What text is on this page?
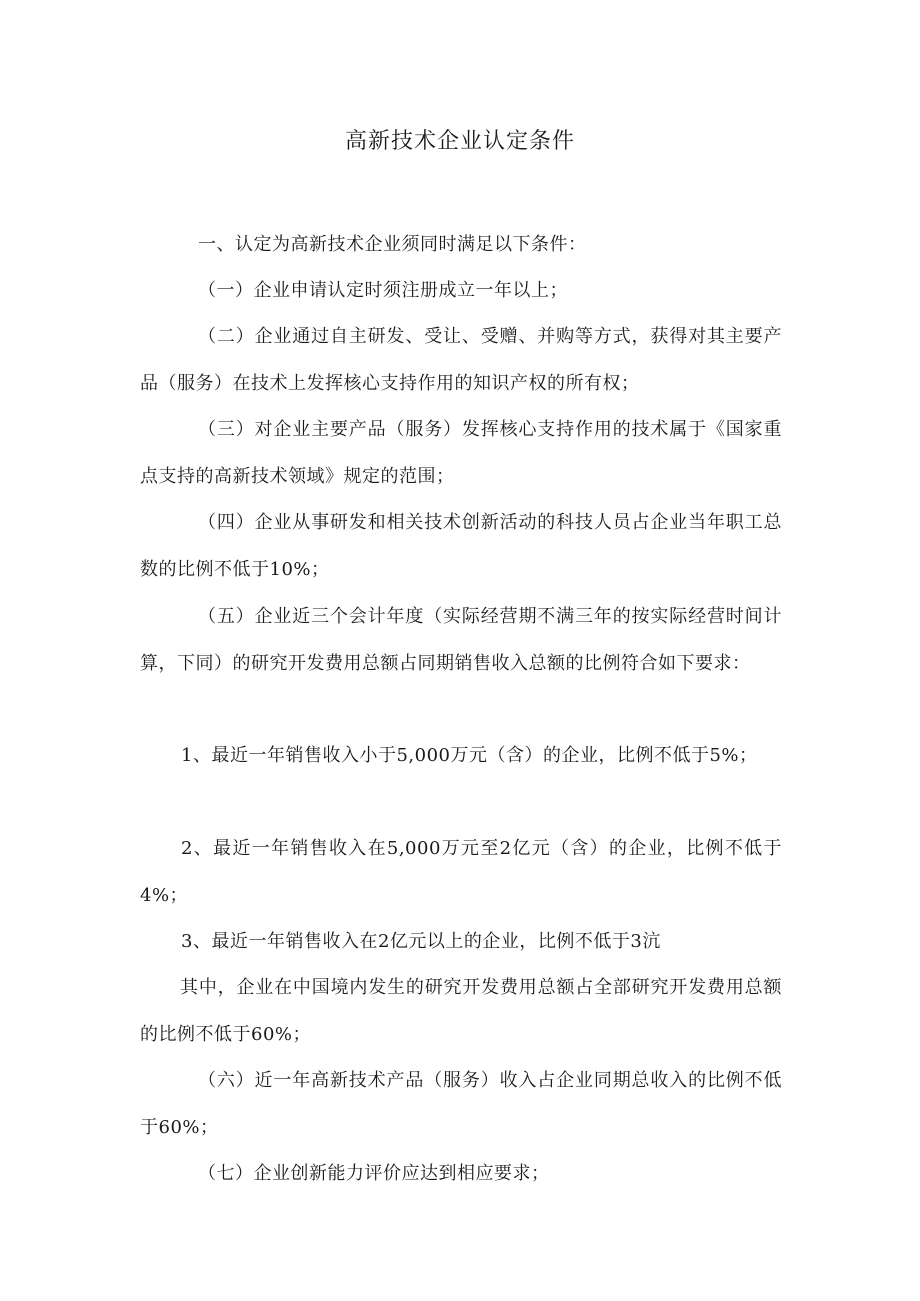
高新技术企业认定条件

一、认定为高新技术企业须同时满足以下条件：

（一）企业申请认定时须注册成立一年以上；

（二）企业通过自主研发、受让、受赠、并购等方式，获得对其主要产品（服务）在技术上发挥核心支持作用的知识产权的所有权；

（三）对企业主要产品（服务）发挥核心支持作用的技术属于《国家重点支持的高新技术领域》规定的范围；

（四）企业从事研发和相关技术创新活动的科技人员占企业当年职工总数的比例不低于10%；

（五）企业近三个会计年度（实际经营期不满三年的按实际经营时间计算，下同）的研究开发费用总额占同期销售收入总额的比例符合如下要求：

1、最近一年销售收入小于5,000万元（含）的企业，比例不低于5%；

2、最近一年销售收入在5,000万元至2亿元（含）的企业，比例不低于4%；

3、最近一年销售收入在2亿元以上的企业，比例不低于3沆

其中，企业在中国境内发生的研究开发费用总额占全部研究开发费用总额的比例不低于60%；

（六）近一年高新技术产品（服务）收入占企业同期总收入的比例不低于60%；

（七）企业创新能力评价应达到相应要求；
